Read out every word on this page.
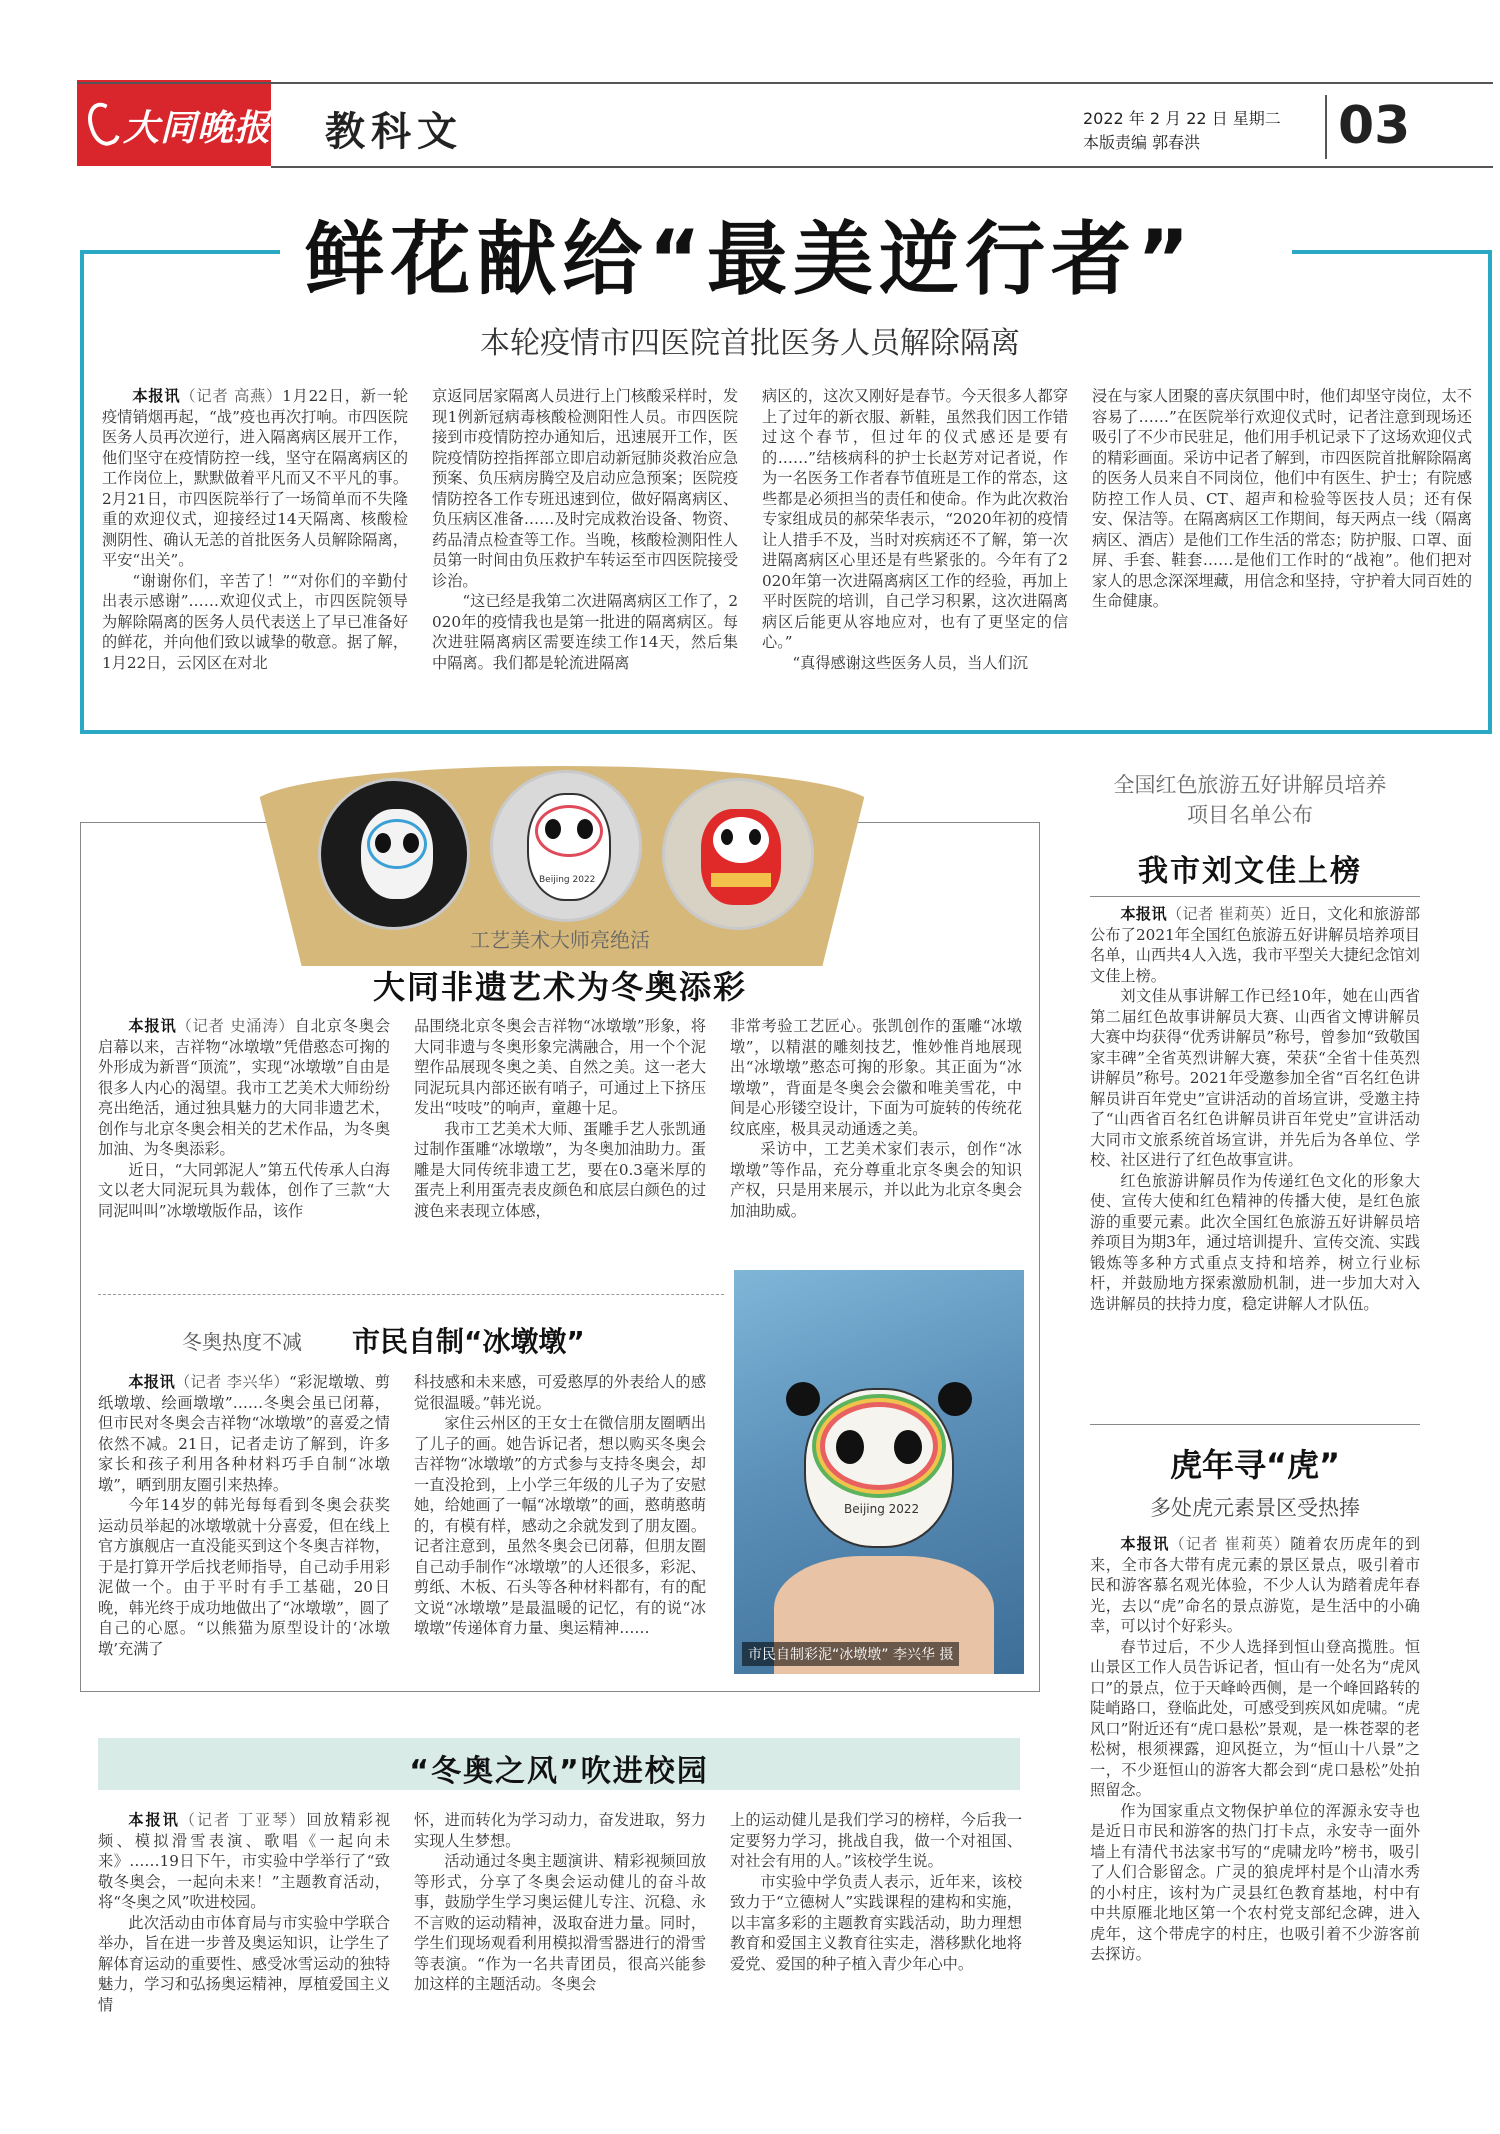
大同晚报 教科文	2022 年 2 月 22 日 星期二
本版责编 郭春洪	03
鲜花献给“最美逆行者”
本轮疫情市四医院首批医务人员解除隔离

本报讯（记者 高燕）1月22日，新一轮疫情销烟再起，“战”疫也再次打响。市四医院医务人员再次逆行，进入隔离病区展开工作，他们坚守在疫情防控一线，坚守在隔离病区的工作岗位上，默默做着平凡而又不平凡的事。2月21日，市四医院举行了一场简单而不失隆重的欢迎仪式，迎接经过14天隔离、核酸检测阴性、确认无恙的首批医务人员解除隔离，平安“出关”。

“谢谢你们，辛苦了！”“对你们的辛勤付出表示感谢”……欢迎仪式上，市四医院领导为解除隔离的医务人员代表送上了早已准备好的鲜花，并向他们致以诚挚的敬意。据了解，1月22日，云冈区在对北

京返同居家隔离人员进行上门核酸采样时，发现1例新冠病毒核酸检测阳性人员。市四医院接到市疫情防控办通知后，迅速展开工作，医院疫情防控指挥部立即启动新冠肺炎救治应急预案、负压病房腾空及启动应急预案；医院疫情防控各工作专班迅速到位，做好隔离病区、负压病区准备……及时完成救治设备、物资、药品清点检查等工作。当晚，核酸检测阳性人员第一时间由负压救护车转运至市四医院接受诊治。

“这已经是我第二次进隔离病区工作了，2020年的疫情我也是第一批进的隔离病区。每次进驻隔离病区需要连续工作14天，然后集中隔离。我们都是轮流进隔离

病区的，这次又刚好是春节。今天很多人都穿上了过年的新衣服、新鞋，虽然我们因工作错过这个春节，但过年的仪式感还是要有的……”结核病科的护士长赵芳对记者说，作为一名医务工作者春节值班是工作的常态，这些都是必须担当的责任和使命。作为此次救治专家组成员的郝荣华表示，“2020年初的疫情让人措手不及，当时对疾病还不了解，第一次进隔离病区心里还是有些紧张的。今年有了2020年第一次进隔离病区工作的经验，再加上平时医院的培训，自己学习积累，这次进隔离病区后能更从容地应对，也有了更坚定的信心。”

“真得感谢这些医务人员，当人们沉

浸在与家人团聚的喜庆氛围中时，他们却坚守岗位，太不容易了……”在医院举行欢迎仪式时，记者注意到现场还吸引了不少市民驻足，他们用手机记录下了这场欢迎仪式的精彩画面。采访中记者了解到，市四医院首批解除隔离的医务人员来自不同岗位，他们中有医生、护士；有院感防控工作人员、CT、超声和检验等医技人员；还有保安、保洁等。在隔离病区工作期间，每天两点一线（隔离病区、酒店）是他们工作生活的常态；防护服、口罩、面屏、手套、鞋套……是他们工作时的“战袍”。他们把对家人的思念深深埋藏，用信念和坚持，守护着大同百姓的生命健康。

Beijing 2022
工艺美术大师亮绝活
大同非遗艺术为冬奥添彩

本报讯（记者 史涌涛）自北京冬奥会启幕以来，吉祥物“冰墩墩”凭借憨态可掬的外形成为新晋“顶流”，实现“冰墩墩”自由是很多人内心的渴望。我市工艺美术大师纷纷亮出绝活，通过独具魅力的大同非遗艺术，创作与北京冬奥会相关的艺术作品，为冬奥加油、为冬奥添彩。

近日，“大同郭泥人”第五代传承人白海文以老大同泥玩具为载体，创作了三款“大同泥叫叫”冰墩墩版作品，该作

品围绕北京冬奥会吉祥物“冰墩墩”形象，将大同非遗与冬奥形象完满融合，用一个个泥塑作品展现冬奥之美、自然之美。这一老大同泥玩具内部还嵌有哨子，可通过上下挤压发出“吱吱”的响声，童趣十足。

我市工艺美术大师、蛋雕手艺人张凯通过制作蛋雕“冰墩墩”，为冬奥加油助力。蛋雕是大同传统非遗工艺，要在0.3毫米厚的蛋壳上利用蛋壳表皮颜色和底层白颜色的过渡色来表现立体感，

非常考验工艺匠心。张凯创作的蛋雕“冰墩墩”，以精湛的雕刻技艺，惟妙惟肖地展现出“冰墩墩”憨态可掬的形象。其正面为“冰墩墩”，背面是冬奥会会徽和唯美雪花，中间是心形镂空设计，下面为可旋转的传统花纹底座，极具灵动通透之美。

采访中，工艺美术家们表示，创作“冰墩墩”等作品，充分尊重北京冬奥会的知识产权，只是用来展示，并以此为北京冬奥会加油助威。

冬奥热度不减 市民自制“冰墩墩”

本报讯（记者 李兴华）“彩泥墩墩、剪纸墩墩、绘画墩墩”……冬奥会虽已闭幕，但市民对冬奥会吉祥物“冰墩墩”的喜爱之情依然不减。21日，记者走访了解到，许多家长和孩子利用各种材料巧手自制“冰墩墩”，晒到朋友圈引来热捧。

今年14岁的韩光每每看到冬奥会获奖运动员举起的冰墩墩就十分喜爱，但在线上官方旗舰店一直没能买到这个冬奥吉祥物，于是打算开学后找老师指导，自己动手用彩泥做一个。由于平时有手工基础，20日晚，韩光终于成功地做出了“冰墩墩”，圆了自己的心愿。“以熊猫为原型设计的‘冰墩墩’充满了

科技感和未来感，可爱憨厚的外表给人的感觉很温暖。”韩光说。

家住云州区的王女士在微信朋友圈晒出了儿子的画。她告诉记者，想以购买冬奥会吉祥物“冰墩墩”的方式参与支持冬奥会，却一直没抢到，上小学三年级的儿子为了安慰她，给她画了一幅“冰墩墩”的画，憨萌憨萌的，有模有样，感动之余就发到了朋友圈。记者注意到，虽然冬奥会已闭幕，但朋友圈自己动手制作“冰墩墩”的人还很多，彩泥、剪纸、木板、石头等各种材料都有，有的配文说“冰墩墩”是最温暖的记忆，有的说“冰墩墩”传递体育力量、奥运精神……

Beijing 2022
市民自制彩泥“冰墩墩” 李兴华 摄
“冬奥之风”吹进校园

本报讯（记者 丁亚琴）回放精彩视频、模拟滑雪表演、歌唱《一起向未来》……19日下午，市实验中学举行了“致敬冬奥会，一起向未来！”主题教育活动，将“冬奥之风”吹进校园。

此次活动由市体育局与市实验中学联合举办，旨在进一步普及奥运知识，让学生了解体育运动的重要性、感受冰雪运动的独特魅力，学习和弘扬奥运精神，厚植爱国主义情

怀，进而转化为学习动力，奋发进取，努力实现人生梦想。

活动通过冬奥主题演讲、精彩视频回放等形式，分享了冬奥会运动健儿的奋斗故事，鼓励学生学习奥运健儿专注、沉稳、永不言败的运动精神，汲取奋进力量。同时，学生们现场观看利用模拟滑雪器进行的滑雪等表演。“作为一名共青团员，很高兴能参加这样的主题活动。冬奥会

上的运动健儿是我们学习的榜样，今后我一定要努力学习，挑战自我，做一个对祖国、对社会有用的人。”该校学生说。

市实验中学负责人表示，近年来，该校致力于“立德树人”实践课程的建构和实施，以丰富多彩的主题教育实践活动，助力理想教育和爱国主义教育往实走，潜移默化地将爱党、爱国的种子植入青少年心中。

全国红色旅游五好讲解员培养项目名单公布
我市刘文佳上榜

本报讯（记者 崔莉英）近日，文化和旅游部公布了2021年全国红色旅游五好讲解员培养项目名单，山西共4人入选，我市平型关大捷纪念馆刘文佳上榜。

刘文佳从事讲解工作已经10年，她在山西省第二届红色故事讲解员大赛、山西省文博讲解员大赛中均获得“优秀讲解员”称号，曾参加“致敬国家丰碑”全省英烈讲解大赛，荣获“全省十佳英烈讲解员”称号。2021年受邀参加全省“百名红色讲解员讲百年党史”宣讲活动的首场宣讲，受邀主持了“山西省百名红色讲解员讲百年党史”宣讲活动大同市文旅系统首场宣讲，并先后为各单位、学校、社区进行了红色故事宣讲。

红色旅游讲解员作为传递红色文化的形象大使、宣传大使和红色精神的传播大使，是红色旅游的重要元素。此次全国红色旅游五好讲解员培养项目为期3年，通过培训提升、宣传交流、实践锻炼等多种方式重点支持和培养，树立行业标杆，并鼓励地方探索激励机制，进一步加大对入选讲解员的扶持力度，稳定讲解人才队伍。

虎年寻“虎”
多处虎元素景区受热捧

本报讯（记者 崔莉英）随着农历虎年的到来，全市各大带有虎元素的景区景点，吸引着市民和游客慕名观光体验，不少人认为踏着虎年春光，去以“虎”命名的景点游览，是生活中的小确幸，可以讨个好彩头。

春节过后，不少人选择到恒山登高揽胜。恒山景区工作人员告诉记者，恒山有一处名为“虎风口”的景点，位于天峰岭西侧，是一个峰回路转的陡峭路口，登临此处，可感受到疾风如虎啸。“虎风口”附近还有“虎口悬松”景观，是一株苍翠的老松树，根须裸露，迎风挺立，为“恒山十八景”之一，不少逛恒山的游客大都会到“虎口悬松”处拍照留念。

作为国家重点文物保护单位的浑源永安寺也是近日市民和游客的热门打卡点，永安寺一面外墙上有清代书法家书写的“虎啸龙吟”榜书，吸引了人们合影留念。广灵的狼虎坪村是个山清水秀的小村庄，该村为广灵县红色教育基地，村中有中共原雁北地区第一个农村党支部纪念碑，进入虎年，这个带虎字的村庄，也吸引着不少游客前去探访。
